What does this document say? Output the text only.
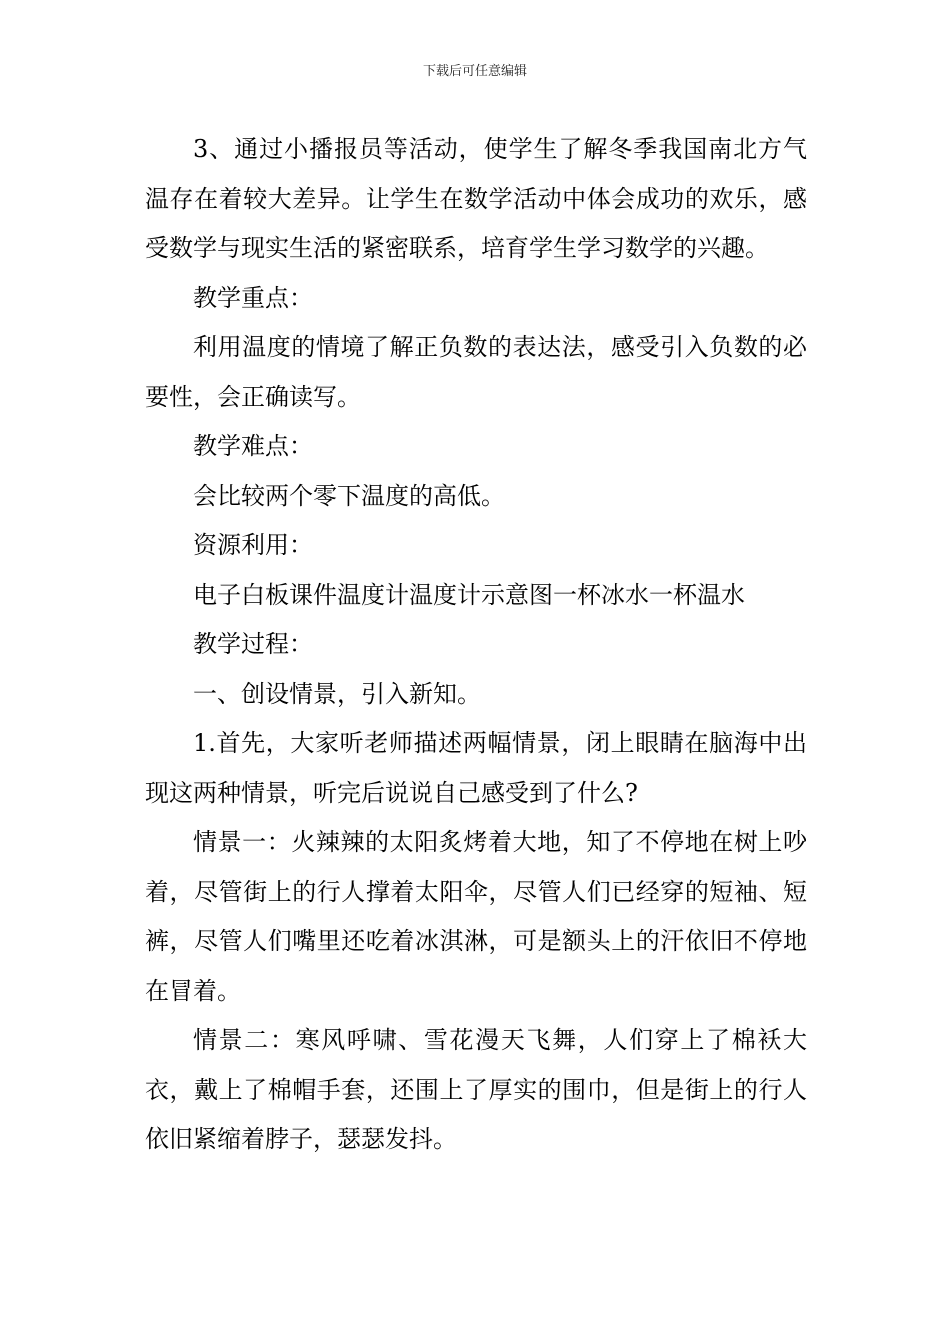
下载后可任意编辑

3、通过小播报员等活动，使学生了解冬季我国南北方气温存在着较大差异。让学生在数学活动中体会成功的欢乐，感受数学与现实生活的紧密联系，培育学生学习数学的兴趣。

教学重点：

利用温度的情境了解正负数的表达法，感受引入负数的必要性，会正确读写。

教学难点：

会比较两个零下温度的高低。

资源利用：

电子白板课件温度计温度计示意图一杯冰水一杯温水

教学过程：

一、创设情景，引入新知。

1.首先，大家听老师描述两幅情景，闭上眼睛在脑海中出现这两种情景，听完后说说自己感受到了什么?

情景一：火辣辣的太阳炙烤着大地，知了不停地在树上吵着，尽管街上的行人撑着太阳伞，尽管人们已经穿的短袖、短裤，尽管人们嘴里还吃着冰淇淋，可是额头上的汗依旧不停地在冒着。

情景二：寒风呼啸、雪花漫天飞舞，人们穿上了棉袄大衣，戴上了棉帽手套，还围上了厚实的围巾，但是街上的行人依旧紧缩着脖子，瑟瑟发抖。
